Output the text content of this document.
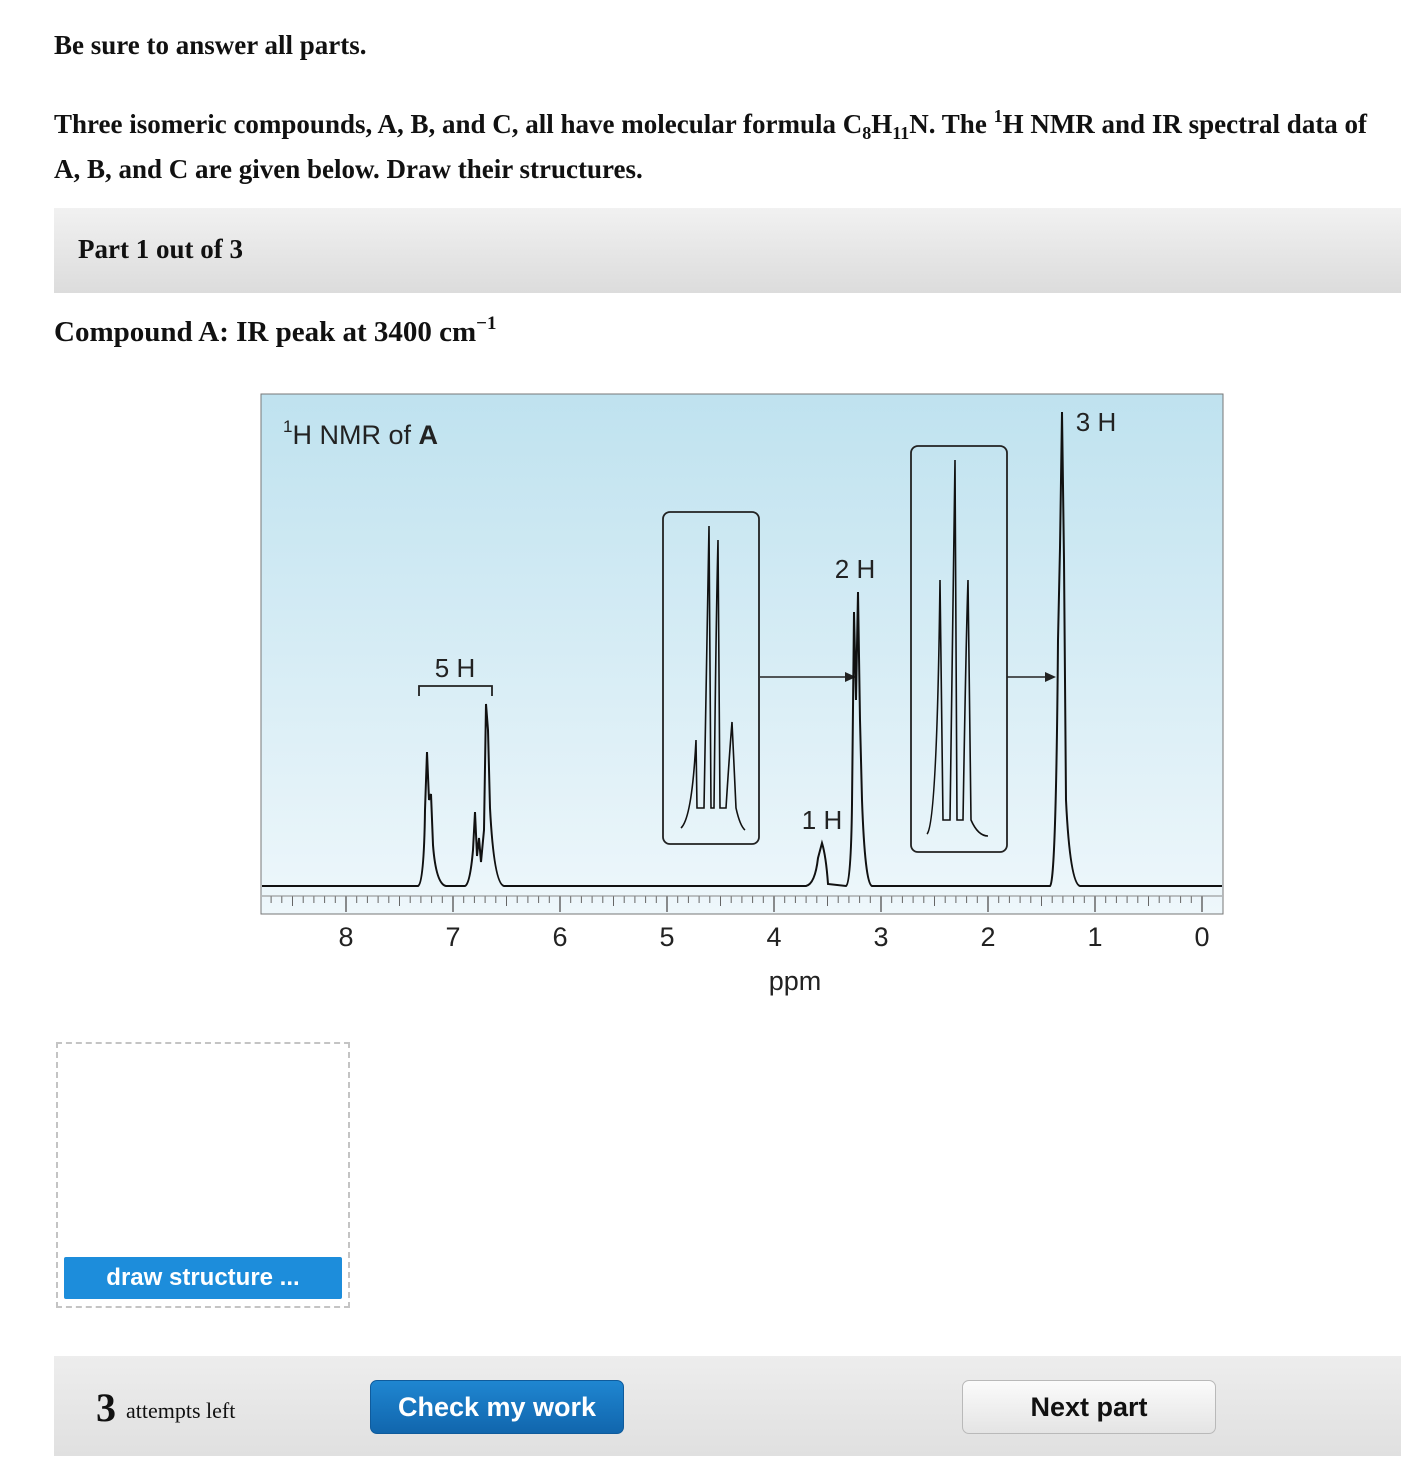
Be sure to answer all parts.
Three isomeric compounds, A, B, and C, all have molecular formula $C_8H_{11}N$. The $^1$H NMR and IR spectral data of A, B, and C are given below. Draw their structures.
Part 1 out of 3
Compound A: IR peak at 3400 $cm^{-1}$
$^1$H NMR of A
5 H
1 H
2 H
3 H
8	7	6	5	4	3	2	1	0
ppm
draw structure ...
3 attempts left	Check my work	Next part
